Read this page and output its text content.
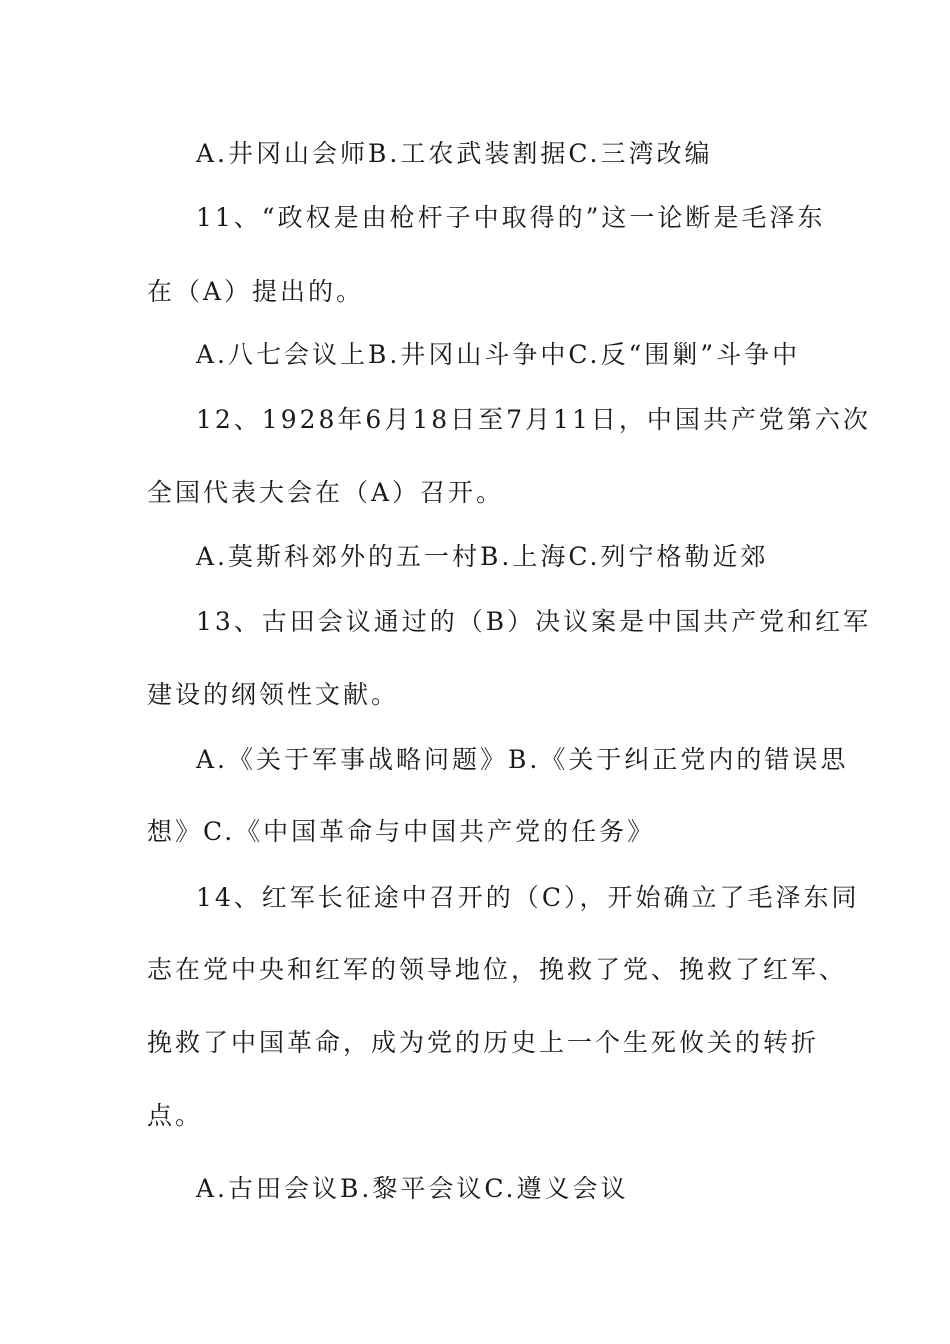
A.井冈山会师B.工农武装割据C.三湾改编
11、“政权是由枪杆子中取得的”这一论断是毛泽东
在（A）提出的。
A.八七会议上B.井冈山斗争中C.反“围剿”斗争中
12、1928年6月18日至7月11日，中国共产党第六次
全国代表大会在（A）召开。
A.莫斯科郊外的五一村B.上海C.列宁格勒近郊
13、古田会议通过的（B）决议案是中国共产党和红军
建设的纲领性文献。
A.《关于军事战略问题》B.《关于纠正党内的错误思
想》C.《中国革命与中国共产党的任务》
14、红军长征途中召开的（C），开始确立了毛泽东同
志在党中央和红军的领导地位，挽救了党、挽救了红军、
挽救了中国革命，成为党的历史上一个生死攸关的转折
点。
A.古田会议B.黎平会议C.遵义会议
